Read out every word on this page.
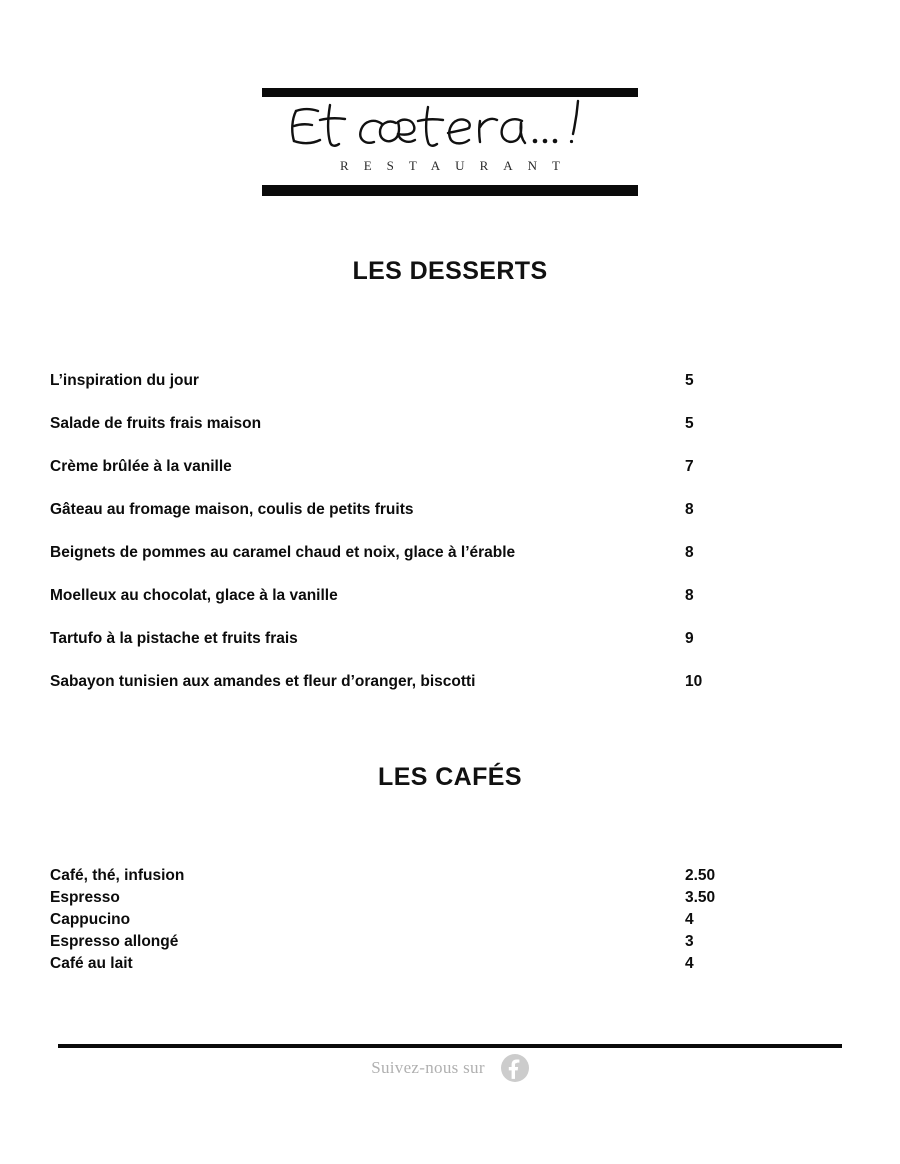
RESTAURANT
LES DESSERTS
L’inspiration du jour	5
Salade de fruits frais maison	5
Crème brûlée à la vanille	7
Gâteau au fromage maison, coulis de petits fruits	8
Beignets de pommes au caramel chaud et noix, glace à l’érable	8
Moelleux au chocolat, glace à la vanille	8
Tartufo à la pistache et fruits frais	9
Sabayon tunisien aux amandes et fleur d’oranger, biscotti	10
LES CAFÉS
Café, thé, infusion	2.50
Espresso	3.50
Cappucino	4
Espresso allongé	3
Café au lait	4
Suivez-nous sur
